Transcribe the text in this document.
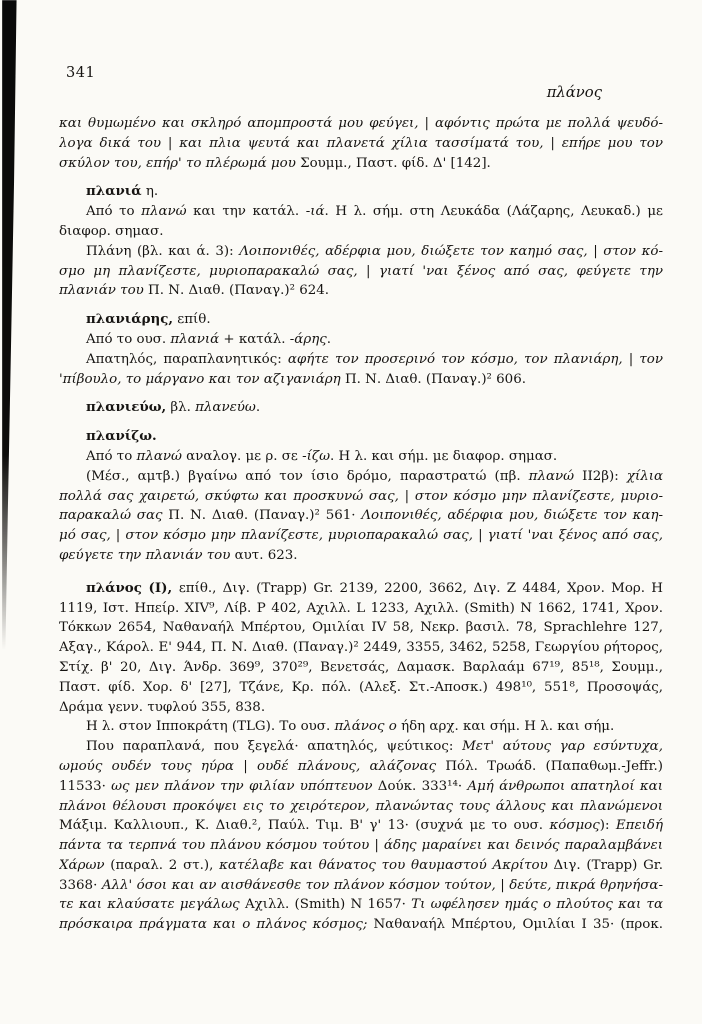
341
πλάνος
και θυμωμένο και σκληρό απομπροστά μου φεύγει, | αφόντις πρώτα με πολλά ψευδό-
λογα δικά του | και πλια ψευτά και πλανετά χίλια τασσίματά του, | επήρε μου τον
σκύλον του, επήρ' το πλέρωμά μου Σουμμ., Παστ. φίδ. Δ' [142].
πλανιά η.
Από το πλανώ και την κατάλ. -ιά. Η λ. σήμ. στη Λευκάδα (Λάζαρης, Λευκαδ.) με
διαφορ. σημασ.
Πλάνη (βλ. και ά. 3): Λοιπονιθές, αδέρφια μου, διώξετε τον καημό σας, | στον κό-
σμο μη πλανίζεστε, μυριοπαρακαλώ σας, | γιατί 'ναι ξένος από σας, φεύγετε την
πλανιάν του Π. Ν. Διαθ. (Παναγ.)² 624.
πλανιάρης, επίθ.
Από το ουσ. πλανιά + κατάλ. -άρης.
Απατηλός, παραπλανητικός: αφήτε τον προσερινό τον κόσμο, τον πλανιάρη, | τον
'πίβουλο, το μάργανο και τον αζιγανιάρη Π. Ν. Διαθ. (Παναγ.)² 606.
πλανιεύω, βλ. πλανεύω.
πλανίζω.
Από το πλανώ αναλογ. με ρ. σε -ίζω. Η λ. και σήμ. με διαφορ. σημασ.
(Μέσ., αμτβ.) βγαίνω από τον ίσιο δρόμο, παραστρατώ (πβ. πλανώ ΙΙ2β): χίλια
πολλά σας χαιρετώ, σκύφτω και προσκυνώ σας, | στον κόσμο μην πλανίζεστε, μυριο-
παρακαλώ σας Π. Ν. Διαθ. (Παναγ.)² 561· Λοιπονιθές, αδέρφια μου, διώξετε τον καη-
μό σας, | στον κόσμο μην πλανίζεστε, μυριοπαρακαλώ σας, | γιατί 'ναι ξένος από σας,
φεύγετε την πλανιάν του αυτ. 623.
πλάνος (Ι), επίθ., Διγ. (Trapp) Gr. 2139, 2200, 3662, Διγ. Ζ 4484, Χρον. Μορ. Η
1119, Ιστ. Ηπείρ. XIV⁹, Λίβ. P 402, Αχιλλ. L 1233, Αχιλλ. (Smith) N 1662, 1741, Χρον.
Τόκκων 2654, Ναθαναήλ Μπέρτου, Ομιλίαι IV 58, Νεκρ. βασιλ. 78, Sprachlehre 127,
Αξαγ., Κάρολ. Ε' 944, Π. Ν. Διαθ. (Παναγ.)² 2449, 3355, 3462, 5258, Γεωργίου ρήτορος,
Στίχ. β' 20, Διγ. Άνδρ. 369⁹, 370²⁹, Βενετσάς, Δαμασκ. Βαρλαάμ 67¹⁹, 85¹⁸, Σουμμ.,
Παστ. φίδ. Χορ. δ' [27], Τζάνε, Κρ. πόλ. (Αλεξ. Στ.-Αποσκ.) 498¹⁰, 551⁸, Προσοψάς,
Δράμα γενν. τυφλού 355, 838.
Η λ. στον Ιπποκράτη (TLG). Το ουσ. πλάνος ο ήδη αρχ. και σήμ. Η λ. και σήμ.
Που παραπλανά, που ξεγελά· απατηλός, ψεύτικος: Μετ' αύτους γαρ εσύντυχα,
ωμούς ουδέν τους ηύρα | ουδέ πλάνους, αλάζονας Πόλ. Τρωάδ. (Παπαθωμ.-Jeffr.)
11533· ως μεν πλάνον την φιλίαν υπόπτευον Δούκ. 333¹⁴· Αμή άνθρωποι απατηλοί και
πλάνοι θέλουσι προκόψει εις το χειρότερον, πλανώντας τους άλλους και πλανώμενοι
Μάξιμ. Καλλιουπ., Κ. Διαθ.², Παύλ. Τιμ. Β' γ' 13· (συχνά με το ουσ. κόσμος): Επειδή
πάντα τα τερπνά του πλάνου κόσμου τούτου | άδης μαραίνει και δεινός παραλαμβάνει
Χάρων (παραλ. 2 στ.), κατέλαβε και θάνατος του θαυμαστού Ακρίτου Διγ. (Trapp) Gr.
3368· Αλλ' όσοι και αν αισθάνεσθε τον πλάνον κόσμον τούτον, | δεύτε, πικρά θρηνήσα-
τε και κλαύσατε μεγάλως Αχιλλ. (Smith) N 1657· Τι ωφέλησεν ημάς ο πλούτος και τα
πρόσκαιρα πράγματα και ο πλάνος κόσμος; Ναθαναήλ Μπέρτου, Ομιλίαι I 35· (προκ.
